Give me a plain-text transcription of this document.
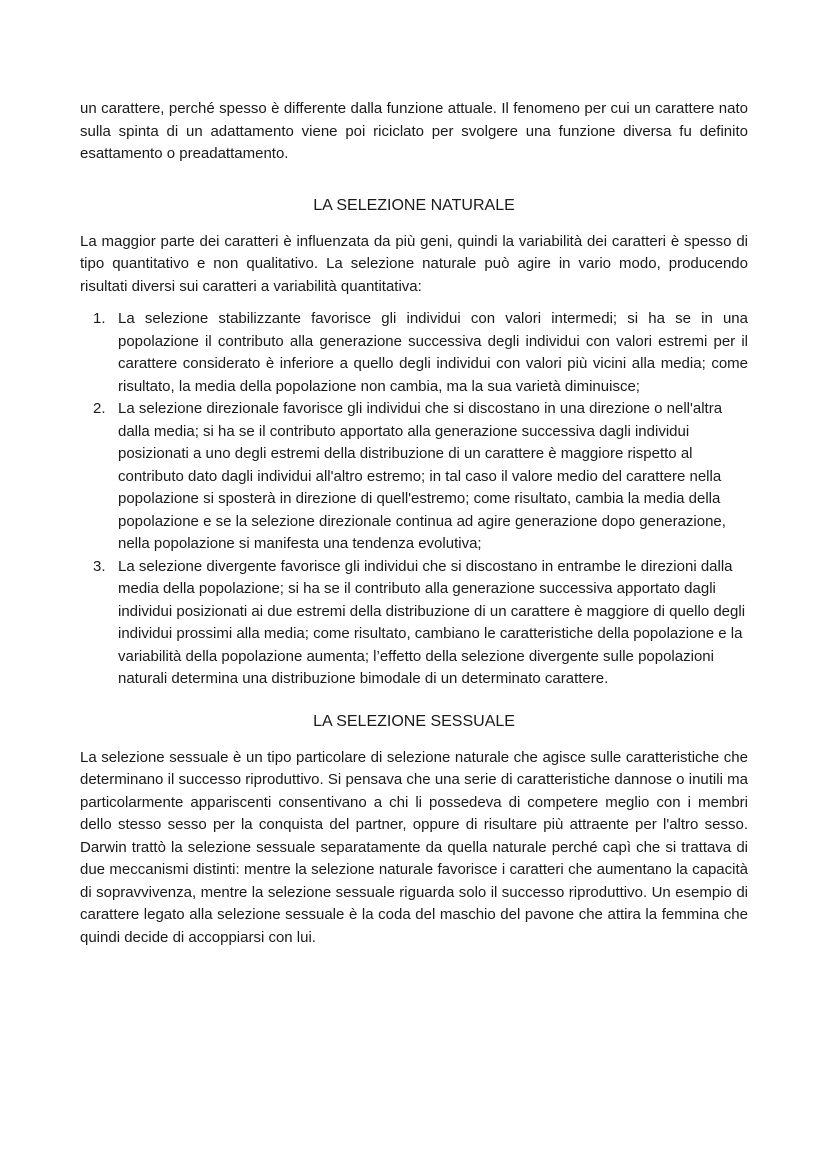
un carattere, perché spesso è differente dalla funzione attuale. Il fenomeno per cui un carattere nato sulla spinta di un adattamento viene poi riciclato per svolgere una funzione diversa fu definito esattamento o preadattamento.

LA SELEZIONE NATURALE

La maggior parte dei caratteri è influenzata da più geni, quindi la variabilità dei caratteri è spesso di tipo quantitativo e non qualitativo. La selezione naturale può agire in vario modo, producendo risultati diversi sui caratteri a variabilità quantitativa:

1. La selezione stabilizzante favorisce gli individui con valori intermedi; si ha se in una popolazione il contributo alla generazione successiva degli individui con valori estremi per il carattere considerato è inferiore a quello degli individui con valori più vicini alla media; come risultato, la media della popolazione non cambia, ma la sua varietà diminuisce;
2. La selezione direzionale favorisce gli individui che si discostano in una direzione o nell'altra dalla media; si ha se il contributo apportato alla generazione successiva dagli individui posizionati a uno degli estremi della distribuzione di un carattere è maggiore rispetto al contributo dato dagli individui all'altro estremo; in tal caso il valore medio del carattere nella popolazione si sposterà in direzione di quell'estremo; come risultato, cambia la media della popolazione e se la selezione direzionale continua ad agire generazione dopo generazione, nella popolazione si manifesta una tendenza evolutiva;
3. La selezione divergente favorisce gli individui che si discostano in entrambe le direzioni dalla media della popolazione; si ha se il contributo alla generazione successiva apportato dagli individui posizionati ai due estremi della distribuzione di un carattere è maggiore di quello degli individui prossimi alla media; come risultato, cambiano le caratteristiche della popolazione e la variabilità della popolazione aumenta; l’effetto della selezione divergente sulle popolazioni naturali determina una distribuzione bimodale di un determinato carattere.
LA SELEZIONE SESSUALE

La selezione sessuale è un tipo particolare di selezione naturale che agisce sulle caratteristiche che determinano il successo riproduttivo. Si pensava che una serie di caratteristiche dannose o inutili ma particolarmente appariscenti consentivano a chi li possedeva di competere meglio con i membri dello stesso sesso per la conquista del partner, oppure di risultare più attraente per l'altro sesso. Darwin trattò la selezione sessuale separatamente da quella naturale perché capì che si trattava di due meccanismi distinti: mentre la selezione naturale favorisce i caratteri che aumentano la capacità di sopravvivenza, mentre la selezione sessuale riguarda solo il successo riproduttivo. Un esempio di carattere legato alla selezione sessuale è la coda del maschio del pavone che attira la femmina che quindi decide di accoppiarsi con lui.
